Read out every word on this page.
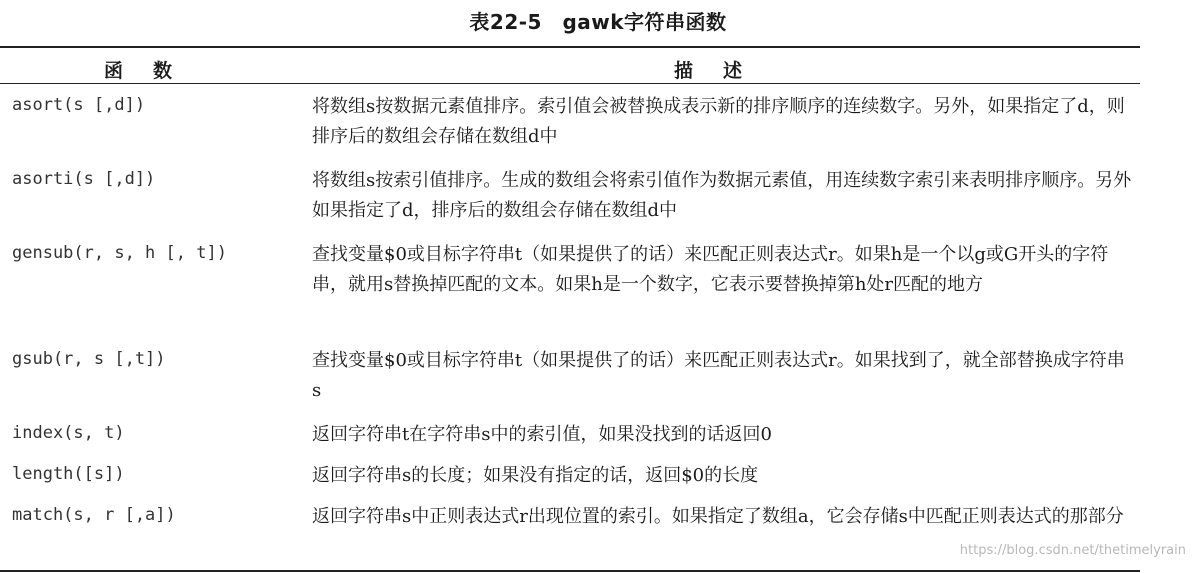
表22-5　gawk字符串函数
函数	描述
asort(s [,d])	将数组s按数据元素值排序。索引值会被替换成表示新的排序顺序的连续数字。另外，如果指定了d，则排序后的数组会存储在数组d中
asorti(s [,d])	将数组s按索引值排序。生成的数组会将索引值作为数据元素值，用连续数字索引来表明排序顺序。另外如果指定了d，排序后的数组会存储在数组d中
gensub(r, s, h [, t])	查找变量$0或目标字符串t（如果提供了的话）来匹配正则表达式r。如果h是一个以g或G开头的字符串，就用s替换掉匹配的文本。如果h是一个数字，它表示要替换掉第h处r匹配的地方
gsub(r, s [,t])	查找变量$0或目标字符串t（如果提供了的话）来匹配正则表达式r。如果找到了，就全部替换成字符串s
index(s, t)	返回字符串t在字符串s中的索引值，如果没找到的话返回0
length([s])	返回字符串s的长度；如果没有指定的话，返回$0的长度
match(s, r [,a])	返回字符串s中正则表达式r出现位置的索引。如果指定了数组a，它会存储s中匹配正则表达式的那部分
https://blog.csdn.net/thetimelyrain
